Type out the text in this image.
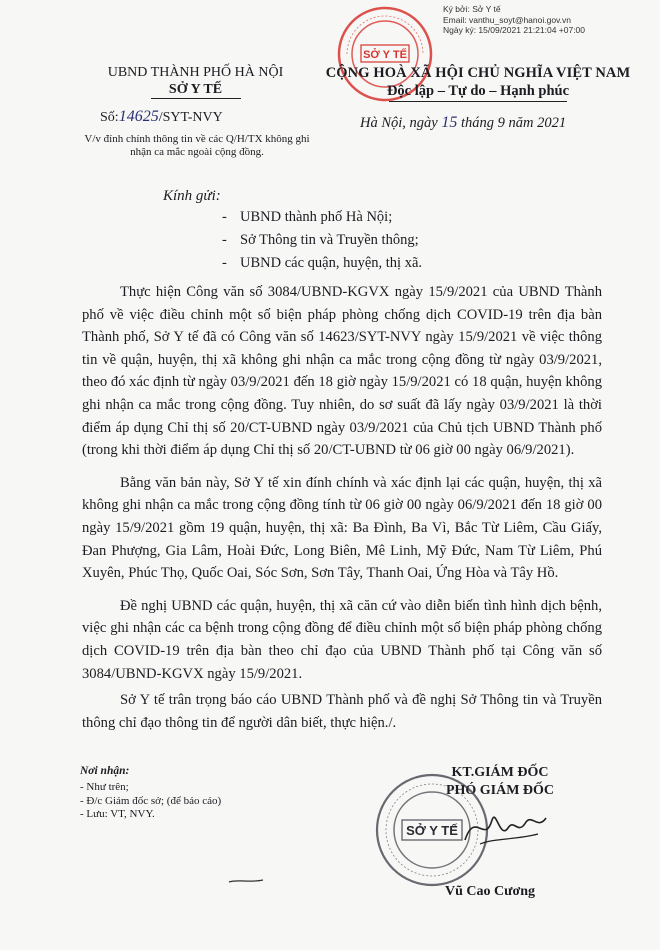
Ký bởi: Sở Y tế
Email: vanthu_soyt@hanoi.gov.vn
Ngày ký: 15/09/2021 21:21:04 +07:00
SỞ Y TẾ
UBND THÀNH PHỐ HÀ NỘI
SỞ Y TẾ
Số:14625/SYT-NVY
V/v đính chính thông tin về các Q/H/TX không ghi nhận ca mắc ngoài cộng đồng.
CỘNG HOÀ XÃ HỘI CHỦ NGHĨA VIỆT NAM
Độc lập – Tự do – Hạnh phúc
Hà Nội, ngày 15 tháng 9 năm 2021
Kính gửi:
- UBND thành phố Hà Nội;
- Sở Thông tin và Truyền thông;
- UBND các quận, huyện, thị xã.

Thực hiện Công văn số 3084/UBND-KGVX ngày 15/9/2021 của UBND Thành phố về việc điều chỉnh một số biện pháp phòng chống dịch COVID-19 trên địa bàn Thành phố, Sở Y tế đã có Công văn số 14623/SYT-NVY ngày 15/9/2021 về việc thông tin về quận, huyện, thị xã không ghi nhận ca mắc trong cộng đồng từ ngày 03/9/2021, theo đó xác định từ ngày 03/9/2021 đến 18 giờ ngày 15/9/2021 có 18 quận, huyện không ghi nhận ca mắc trong cộng đồng. Tuy nhiên, do sơ suất đã lấy ngày 03/9/2021 là thời điểm áp dụng Chỉ thị số 20/CT-UBND ngày 03/9/2021 của Chủ tịch UBND Thành phố (trong khi thời điểm áp dụng Chỉ thị số 20/CT-UBND từ 06 giờ 00 ngày 06/9/2021).

Bằng văn bản này, Sở Y tế xin đính chính và xác định lại các quận, huyện, thị xã không ghi nhận ca mắc trong cộng đồng tính từ 06 giờ 00 ngày 06/9/2021 đến 18 giờ 00 ngày 15/9/2021 gồm 19 quận, huyện, thị xã: Ba Đình, Ba Vì, Bắc Từ Liêm, Cầu Giấy, Đan Phượng, Gia Lâm, Hoài Đức, Long Biên, Mê Linh, Mỹ Đức, Nam Từ Liêm, Phú Xuyên, Phúc Thọ, Quốc Oai, Sóc Sơn, Sơn Tây, Thanh Oai, Ứng Hòa và Tây Hồ.

Đề nghị UBND các quận, huyện, thị xã căn cứ vào diễn biến tình hình dịch bệnh, việc ghi nhận các ca bệnh trong cộng đồng để điều chỉnh một số biện pháp phòng chống dịch COVID-19 trên địa bàn theo chỉ đạo của UBND Thành phố tại Công văn số 3084/UBND-KGVX ngày 15/9/2021.

Sở Y tế trân trọng báo cáo UBND Thành phố và đề nghị Sở Thông tin và Truyền thông chỉ đạo thông tin để người dân biết, thực hiện./.

Nơi nhận:
- Như trên;
- Đ/c Giám đốc sở; (để báo cáo)
- Lưu: VT, NVY.
KT.GIÁM ĐỐC
PHÓ GIÁM ĐỐC
SỞ Y TẾ
Vũ Cao Cương
